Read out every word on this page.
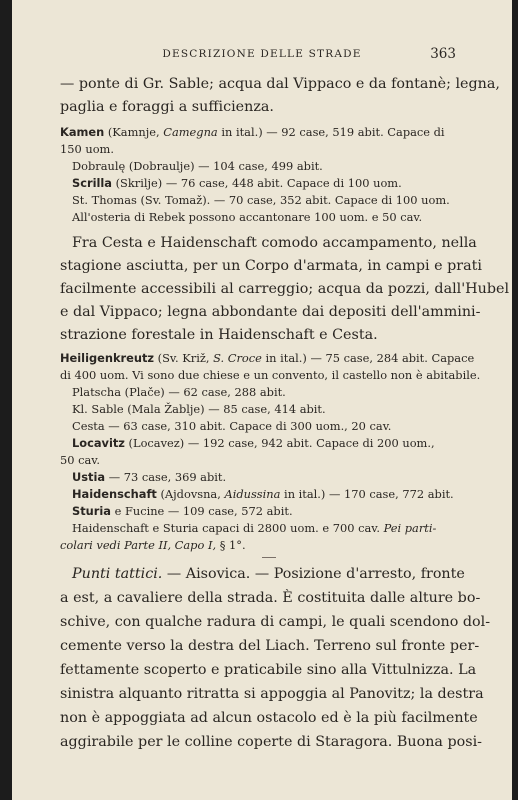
DESCRIZIONE DELLE STRADE	363
— ponte di Gr. Sable; acqua dal Vippaco e da fontanè; legna,
paglia e foraggi a sufficienza.
Kamen (Kamnje, Camegna in ital.) — 92 case, 519 abit. Capace di
150 uom.
Dobraulę (Dobraulje) — 104 case, 499 abit.
Scrilla (Skrilje) — 76 case, 448 abit. Capace di 100 uom.
St. Thomas (Sv. Tomaž). — 70 case, 352 abit. Capace di 100 uom.
All'osteria di Rebek possono accantonare 100 uom. e 50 cav.
Fra Cesta e Haidenschaft comodo accampamento, nella
stagione asciutta, per un Corpo d'armata, in campi e prati
facilmente accessibili al carreggio; acqua da pozzi, dall'Hubel
e dal Vippaco; legna abbondante dai depositi dell'ammini-
strazione forestale in Haidenschaft e Cesta.
Heiligenkreutz (Sv. Križ, S. Croce in ital.) — 75 case, 284 abit. Capace
di 400 uom. Vi sono due chiese e un convento, il castello non è abitabile.
Platscha (Plače) — 62 case, 288 abit.
Kl. Sable (Mala Žablje) — 85 case, 414 abit.
Cesta — 63 case, 310 abit. Capace di 300 uom., 20 cav.
Locavitz (Locavez) — 192 case, 942 abit. Capace di 200 uom.,
50 cav.
Ustia — 73 case, 369 abit.
Haidenschaft (Ajdovsna, Aidussina in ital.) — 170 case, 772 abit.
Sturia e Fucine — 109 case, 572 abit.
Haidenschaft e Sturia capaci di 2800 uom. e 700 cav. Pei parti-
colari vedi Parte II, Capo I, § 1°.
Punti tattici. — Aisovica. — Posizione d'arresto, fronte
a est, a cavaliere della strada. È costituita dalle alture bo-
schive, con qualche radura di campi, le quali scendono dol-
cemente verso la destra del Liach. Terreno sul fronte per-
fettamente scoperto e praticabile sino alla Vittulnizza. La
sinistra alquanto ritratta si appoggia al Panovitz; la destra
non è appoggiata ad alcun ostacolo ed è la più facilmente
aggirabile per le colline coperte di Staragora. Buona posi-
